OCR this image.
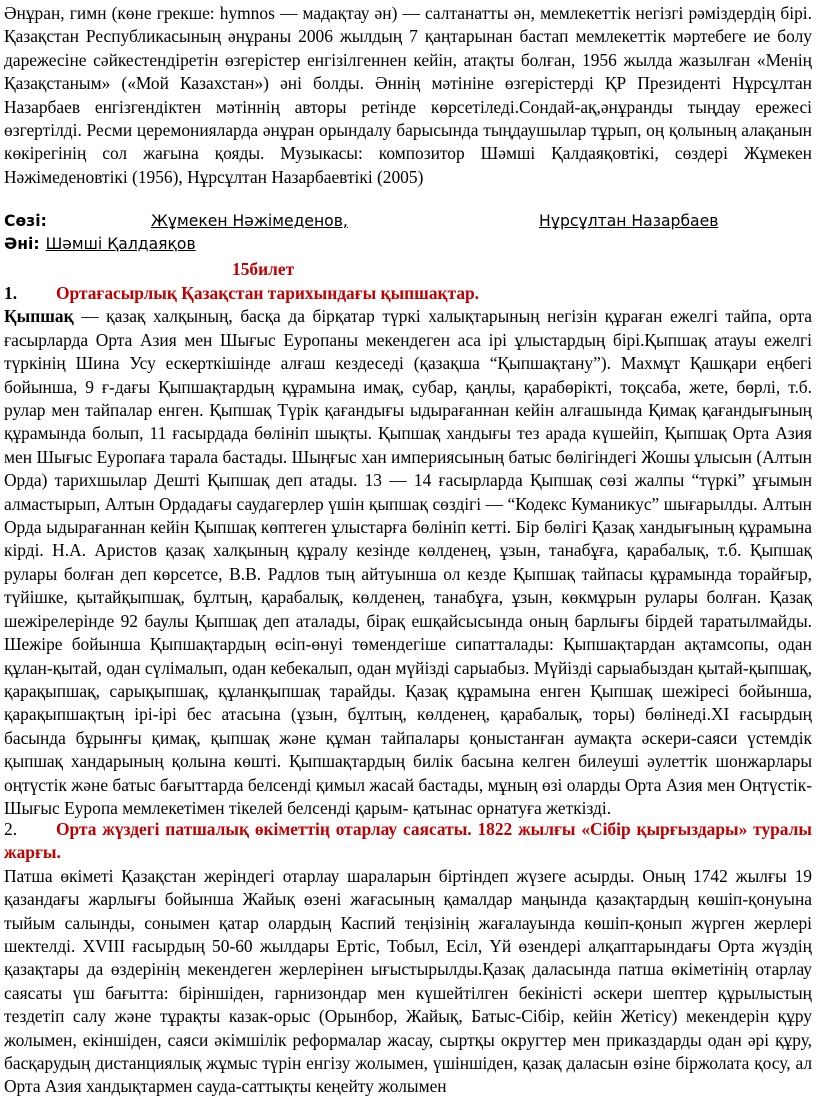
Әнұран, гимн (көне грекше: һymnos — мадақтау ән) — салтанатты ән, мемлекеттік негізгі рәміздердің бірі. Қазақстан Республикасының әнұраны 2006 жылдың 7 қаңтарынан бастап мемлекеттік мәртебеге ие болу дарежесіне сәйкестендіретін өзгерістер енгізілгеннен кейін, атақты болған, 1956 жылда жазылған «Менің Қазақстаным» («Мой Казахстан») әні болды. Әннің мәтініне өзгерістерді ҚР Президенті Нұрсұлтан Назарбаев енгізгендіктен мәтіннің авторы ретінде көрсетіледі.Сондай-ақ,әнұранды тыңдау ережесі өзгертілді. Ресми церемонияларда әнұран орындалу барысында тыңдаушылар тұрып, оң қолының алақанын көкірегінің сол жағына қояды. Музыкасы: композитор Шәмші Қалдаяқовтікі, сөздері Жұмекен Нәжімеденовтікі (1956), Нұрсұлтан Назарбаевтікі (2005)

Сөзі:	Жұмекен Нәжімеденов,	Нұрсұлтан Назарбаев
Әні: Шәмші Қалдаяқов
15билет
1. Ортағасырлық Қазақстан тарихындағы қыпшақтар.

Қыпшақ — қазақ халқының, басқа да бірқатар түркі халықтарының негізін құраған ежелгі тайпа, орта ғасырларда Орта Азия мен Шығыс Еуропаны мекендеген аса ірі ұлыстардың бірі.Қыпшақ атауы ежелгі түркінің Шина Усу ескерткішінде алғаш кездеседі (қазақша “Қыпшақтану”). Махмұт Қашқари еңбегі бойынша, 9 ғ-дағы Қыпшақтардың құрамына имақ, субар, қаңлы, қарабөрікті, тоқсаба, жете, бөрлі, т.б. рулар мен тайпалар енген. Қыпшақ Түрік қағандығы ыдырағаннан кейін алғашында Қимақ қағандығының құрамында болып, 11 ғасырдада бөлініп шықты. Қыпшақ хандығы тез арада күшейіп, Қыпшақ Орта Азия мен Шығыс Еуропаға тарала бастады. Шыңғыс хан империясының батыс бөлігіндегі Жошы ұлысын (Алтын Орда) тарихшылар Дешті Қыпшақ деп атады. 13 — 14 ғасырларда Қыпшақ сөзі жалпы “түркі” ұғымын алмастырып, Алтын Ордадағы саудагерлер үшін қыпшақ сөздігі — “Кодекс Куманикус” шығарылды. Алтын Орда ыдырағаннан кейін Қыпшақ көптеген ұлыстарға бөлініп кетті. Бір бөлігі Қазақ хандығының құрамына кірді. Н.А. Аристов қазақ халқының құралу кезінде көлденең, ұзын, танабұға, қарабалық, т.б. Қыпшақ рулары болған деп көрсетсе, В.В. Радлов тың айтуынша ол кезде Қыпшақ тайпасы құрамында торайғыр, түйішке, қытайқыпшақ, бұлтың, қарабалық, көлденең, танабұға, ұзын, көкмұрын рулары болған. Қазақ шежірелерінде 92 баулы Қыпшақ деп аталады, бірақ ешқайсысында оның барлығы бірдей таратылмайды. Шежіре бойынша Қыпшақтардың өсіп-өнуі төмендегіше сипатталады: Қыпшақтардан ақтамсопы, одан құлан-қытай, одан сүлімалып, одан кебекалып, одан мүйізді сарыабыз. Мүйізді сарыабыздан қытай-қыпшақ, қарақыпшақ, сарықыпшақ, құланқыпшақ тарайды. Қазақ құрамына енген Қыпшақ шежіресі бойынша, қарақыпшақтың ірі-ірі бес атасына (ұзын, бұлтың, көлденең, қарабалық, торы) бөлінеді.XI ғасырдың басында бұрынғы қимақ, қыпшақ және құман тайпалары қоныстанған аумақта әскери-саяси үстемдік қыпшақ хандарының қолына көшті. Қыпшақтардың билік басына келген билеуші әулеттік шонжарлары оңтүстік және батыс бағыттарда белсенді қимыл жасай бастады, мұның өзі оларды Орта Азия мен Оңтүстік-Шығыс Еуропа мемлекетімен тікелей белсенді қарым- қатынас орнатуға жеткізді.

2. Орта жүздегі патшалық өкіметтің отарлау саясаты. 1822 жылғы «Сібір қырғыздары» туралы жарғы.

Патша өкіметі Қазақстан жеріндегі отарлау шараларын біртіндеп жүзеге асырды. Оның 1742 жылғы 19 қазандағы жарлығы бойынша Жайық өзені жағасының қамалдар маңында қазақтардың көшіп-қонуына тыйым салынды, сонымен қатар олардың Каспий теңізінің жағалауында көшіп-қонып жүрген жерлері шектелді. XVIII ғасырдың 50-60 жылдары Ертіс, Тобыл, Есіл, Үй өзендері алқаптарындағы Орта жүздің қазақтары да өздерінің мекендеген жерлерінен ығыстырылды.Қазақ даласында патша өкіметінің отарлау саясаты үш бағытта: біріншіден, гарнизондар мен күшейтілген бекіністі әскери шептер құрылыстың тездетіп салу және тұрақты казак-орыс (Орынбор, Жайық, Батыс-Сібір, кейін Жетісу) мекендерін құру жолымен, екіншіден, саяси әкімшілік реформалар жасау, сыртқы округтер мен приказдарды одан әрі құру, басқарудың дистанциялық жұмыс түрін енгізу жолымен, үшіншіден, қазақ даласын өзіне біржолата қосу, ал Орта Азия хандықтармен сауда-саттықты кеңейту жолымен
